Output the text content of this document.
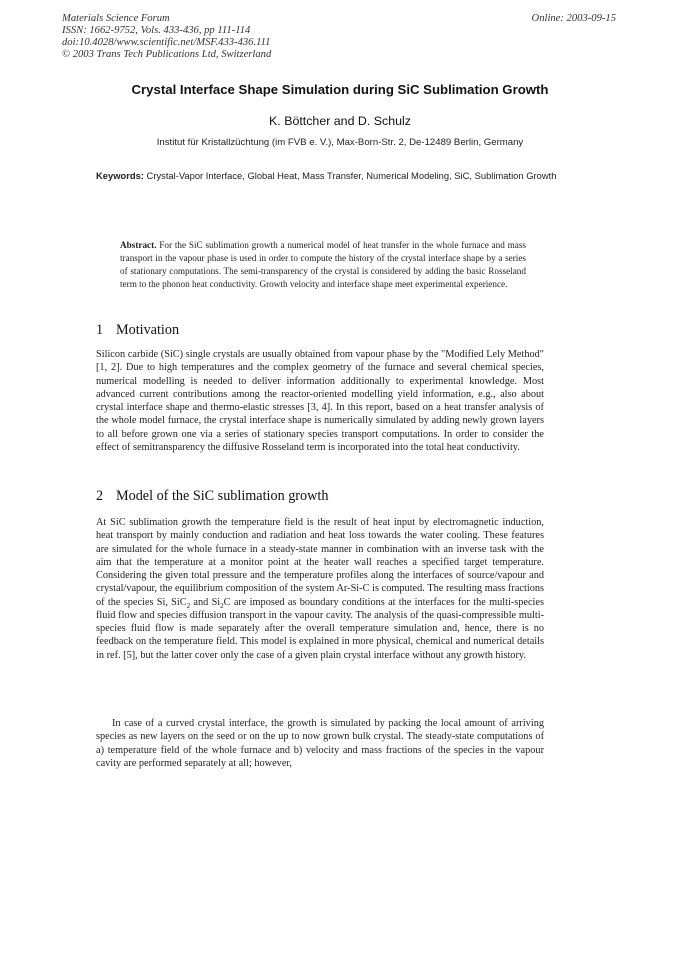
Materials Science Forum
ISSN: 1662-9752, Vols. 433-436, pp 111-114
doi:10.4028/www.scientific.net/MSF.433-436.111
© 2003 Trans Tech Publications Ltd, Switzerland
Online: 2003-09-15
Crystal Interface Shape Simulation during SiC Sublimation Growth
K. Böttcher and D. Schulz
Institut für Kristallzüchtung (im FVB e. V.), Max-Born-Str. 2, De-12489 Berlin, Germany
Keywords: Crystal-Vapor Interface, Global Heat, Mass Transfer, Numerical Modeling, SiC, Sublimation Growth
Abstract. For the SiC sublimation growth a numerical model of heat transfer in the whole furnace and mass transport in the vapour phase is used in order to compute the history of the crystal interface shape by a series of stationary computations. The semi-transparency of the crystal is considered by adding the basic Rosseland term to the phonon heat conductivity. Growth velocity and interface shape meet experimental experience.
1 Motivation
Silicon carbide (SiC) single crystals are usually obtained from vapour phase by the "Modified Lely Method" [1, 2]. Due to high temperatures and the complex geometry of the furnace and several chemical species, numerical modelling is needed to deliver information additionally to experimental knowledge. Most advanced current contributions among the reactor-oriented modelling yield information, e.g., also about crystal interface shape and thermo-elastic stresses [3, 4]. In this report, based on a heat transfer analysis of the whole model furnace, the crystal interface shape is numerically simulated by adding newly grown layers to all before grown one via a series of stationary species transport computations. In order to consider the effect of semitransparency the diffusive Rosseland term is incorporated into the total heat conductivity.
2 Model of the SiC sublimation growth
At SiC sublimation growth the temperature field is the result of heat input by electromagnetic induction, heat transport by mainly conduction and radiation and heat loss towards the water cooling. These features are simulated for the whole furnace in a steady-state manner in combination with an inverse task with the aim that the temperature at a monitor point at the heater wall reaches a specified target temperature. Considering the given total pressure and the temperature profiles along the interfaces of source/vapour and crystal/vapour, the equilibrium composition of the system Ar-Si-C is computed. The resulting mass fractions of the species Si, SiC$_2$ and $Si_2C$ are imposed as boundary conditions at the interfaces for the multi-species fluid flow and species diffusion transport in the vapour cavity. The analysis of the quasi-compressible multi-species fluid flow is made separately after the overall temperature simulation and, hence, there is no feedback on the temperature field. This model is explained in more physical, chemical and numerical details in ref. [5], but the latter cover only the case of a given plain crystal interface without any growth history.
In case of a curved crystal interface, the growth is simulated by packing the local amount of arriving species as new layers on the seed or on the up to now grown bulk crystal. The steady-state computations of a) temperature field of the whole furnace and b) velocity and mass fractions of the species in the vapour cavity are performed separately at all; however,
